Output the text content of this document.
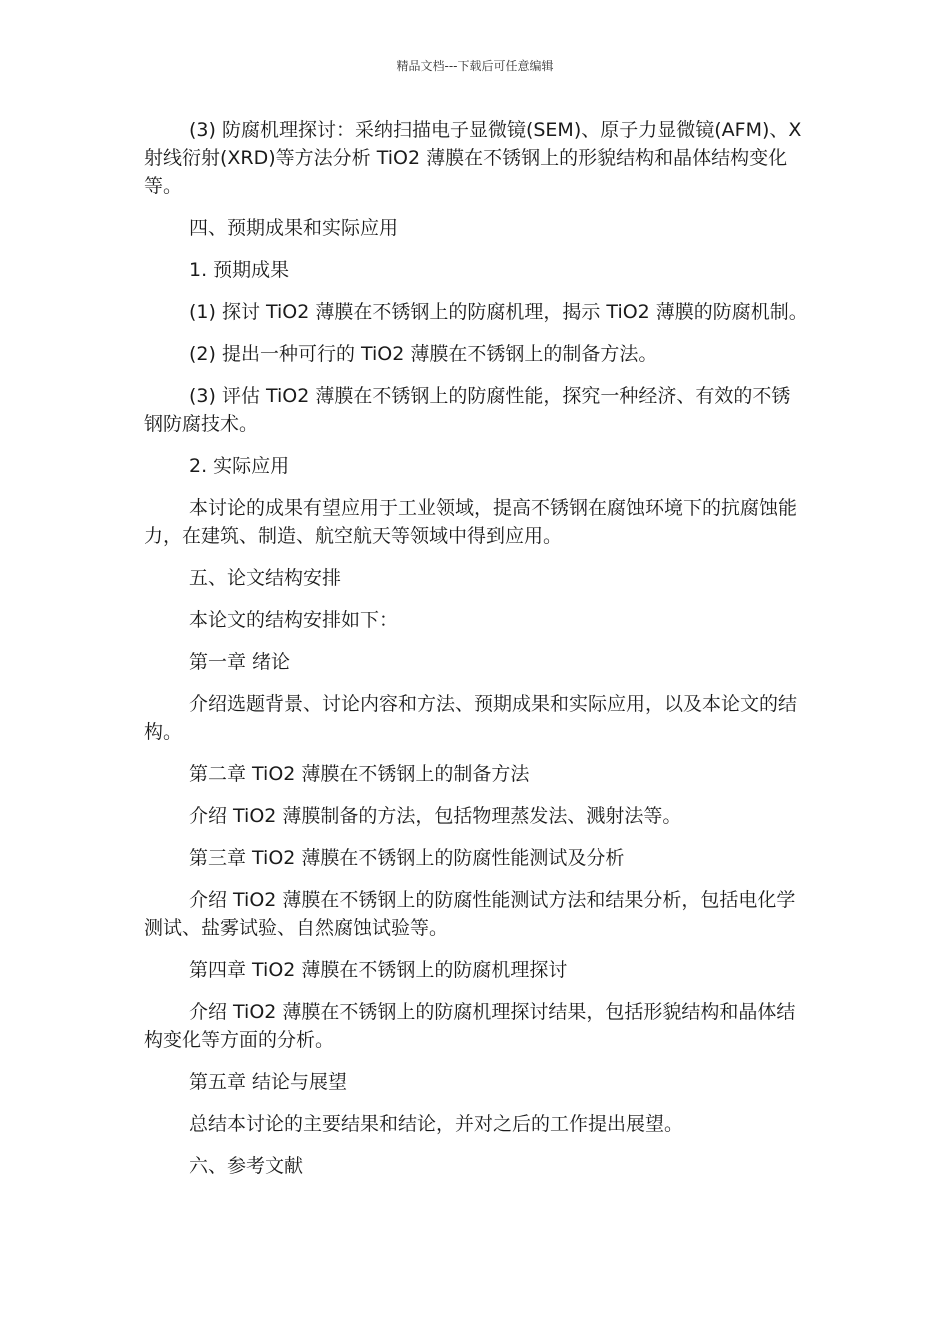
精品文档---下载后可任意编辑

(3) 防腐机理探讨：采纳扫描电子显微镜(SEM)、原子力显微镜(AFM)、X 射线衍射(XRD)等方法分析 TiO2 薄膜在不锈钢上的形貌结构和晶体结构变化等。

四、预期成果和实际应用

1. 预期成果

(1) 探讨 TiO2 薄膜在不锈钢上的防腐机理，揭示 TiO2 薄膜的防腐机制。

(2) 提出一种可行的 TiO2 薄膜在不锈钢上的制备方法。

(3) 评估 TiO2 薄膜在不锈钢上的防腐性能，探究一种经济、有效的不锈钢防腐技术。

2. 实际应用

本讨论的成果有望应用于工业领域，提高不锈钢在腐蚀环境下的抗腐蚀能力，在建筑、制造、航空航天等领域中得到应用。

五、论文结构安排

本论文的结构安排如下：

第一章 绪论

介绍选题背景、讨论内容和方法、预期成果和实际应用，以及本论文的结构。

第二章 TiO2 薄膜在不锈钢上的制备方法

介绍 TiO2 薄膜制备的方法，包括物理蒸发法、溅射法等。

第三章 TiO2 薄膜在不锈钢上的防腐性能测试及分析

介绍 TiO2 薄膜在不锈钢上的防腐性能测试方法和结果分析，包括电化学测试、盐雾试验、自然腐蚀试验等。

第四章 TiO2 薄膜在不锈钢上的防腐机理探讨

介绍 TiO2 薄膜在不锈钢上的防腐机理探讨结果，包括形貌结构和晶体结构变化等方面的分析。

第五章 结论与展望

总结本讨论的主要结果和结论，并对之后的工作提出展望。

六、参考文献
